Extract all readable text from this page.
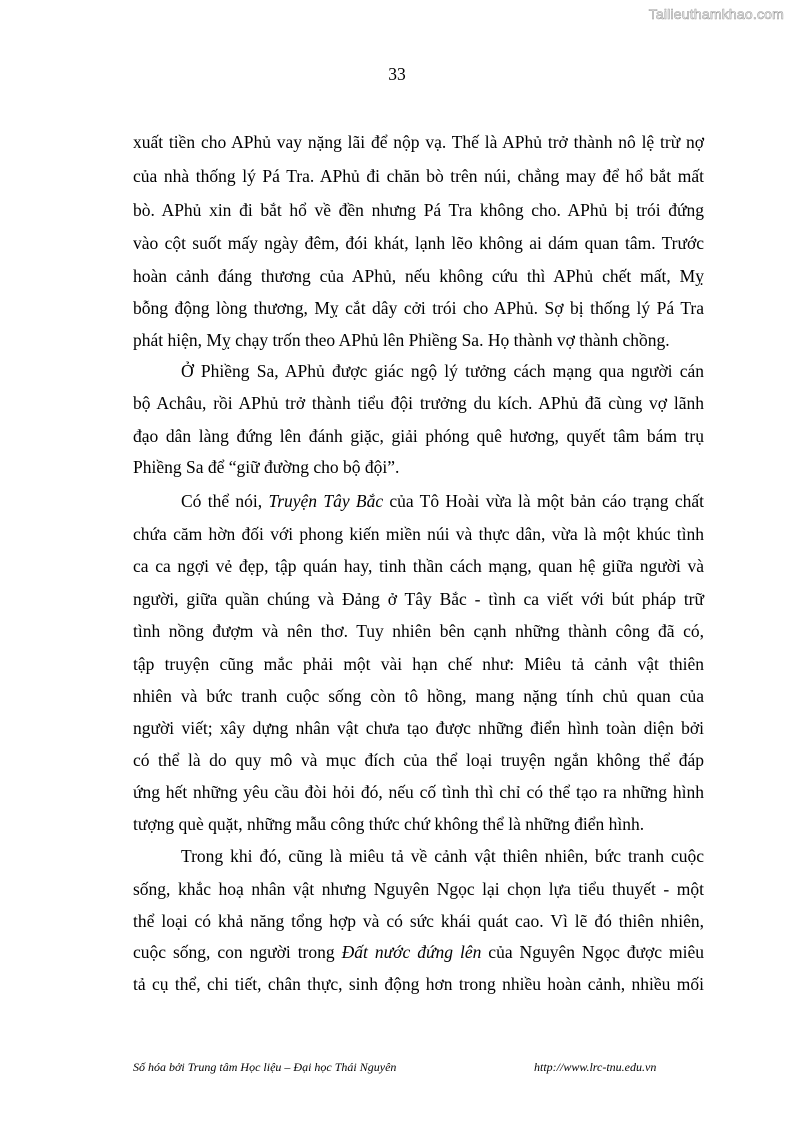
Tailieuthamkhao.com
33
xuất tiền cho APhủ vay nặng lãi để nộp vạ. Thế là APhủ trở thành nô lệ trừ nợ
của nhà thống lý Pá Tra. APhủ đi chăn bò trên núi, chẳng may để hổ bắt mất
bò. APhủ xin đi bắt hổ về đền nhưng Pá Tra không cho. APhủ bị trói đứng
vào cột suốt mấy ngày đêm, đói khát, lạnh lẽo không ai dám quan tâm. Trước
hoàn cảnh đáng thương của APhủ, nếu không cứu thì APhủ chết mất, Mỵ
bỗng động lòng thương, Mỵ cắt dây cởi trói cho APhủ. Sợ bị thống lý Pá Tra
phát hiện, Mỵ chạy trốn theo APhủ lên Phiềng Sa. Họ thành vợ thành chồng.
Ở Phiềng Sa, APhủ được giác ngộ lý tưởng cách mạng qua người cán
bộ Achâu, rồi APhủ trở thành tiểu đội trưởng du kích. APhủ đã cùng vợ lãnh
đạo dân làng đứng lên đánh giặc, giải phóng quê hương, quyết tâm bám trụ
Phiềng Sa để “giữ đường cho bộ đội”.
Có thể nói, Truyện Tây Bắc của Tô Hoài vừa là một bản cáo trạng chất
chứa căm hờn đối với phong kiến miền núi và thực dân, vừa là một khúc tình
ca ca ngợi vẻ đẹp, tập quán hay, tinh thần cách mạng, quan hệ giữa người và
người, giữa quần chúng và Đảng ở Tây Bắc - tình ca viết với bút pháp trữ
tình nồng đượm và nên thơ. Tuy nhiên bên cạnh những thành công đã có,
tập truyện cũng mắc phải một vài hạn chế như: Miêu tả cảnh vật thiên
nhiên và bức tranh cuộc sống còn tô hồng, mang nặng tính chủ quan của
người viết; xây dựng nhân vật chưa tạo được những điển hình toàn diện bởi
có thể là do quy mô và mục đích của thể loại truyện ngắn không thể đáp
ứng hết những yêu cầu đòi hỏi đó, nếu cố tình thì chỉ có thể tạo ra những hình
tượng què quặt, những mẫu công thức chứ không thể là những điển hình.
Trong khi đó, cũng là miêu tả về cảnh vật thiên nhiên, bức tranh cuộc
sống, khắc hoạ nhân vật nhưng Nguyên Ngọc lại chọn lựa tiểu thuyết - một
thể loại có khả năng tổng hợp và có sức khái quát cao. Vì lẽ đó thiên nhiên,
cuộc sống, con người trong Đất nước đứng lên của Nguyên Ngọc được miêu
tả cụ thể, chi tiết, chân thực, sinh động hơn trong nhiều hoàn cảnh, nhiều mối
Số hóa bởi Trung tâm Học liệu – Đại học Thái Nguyên	http://www.lrc-tnu.edu.vn
